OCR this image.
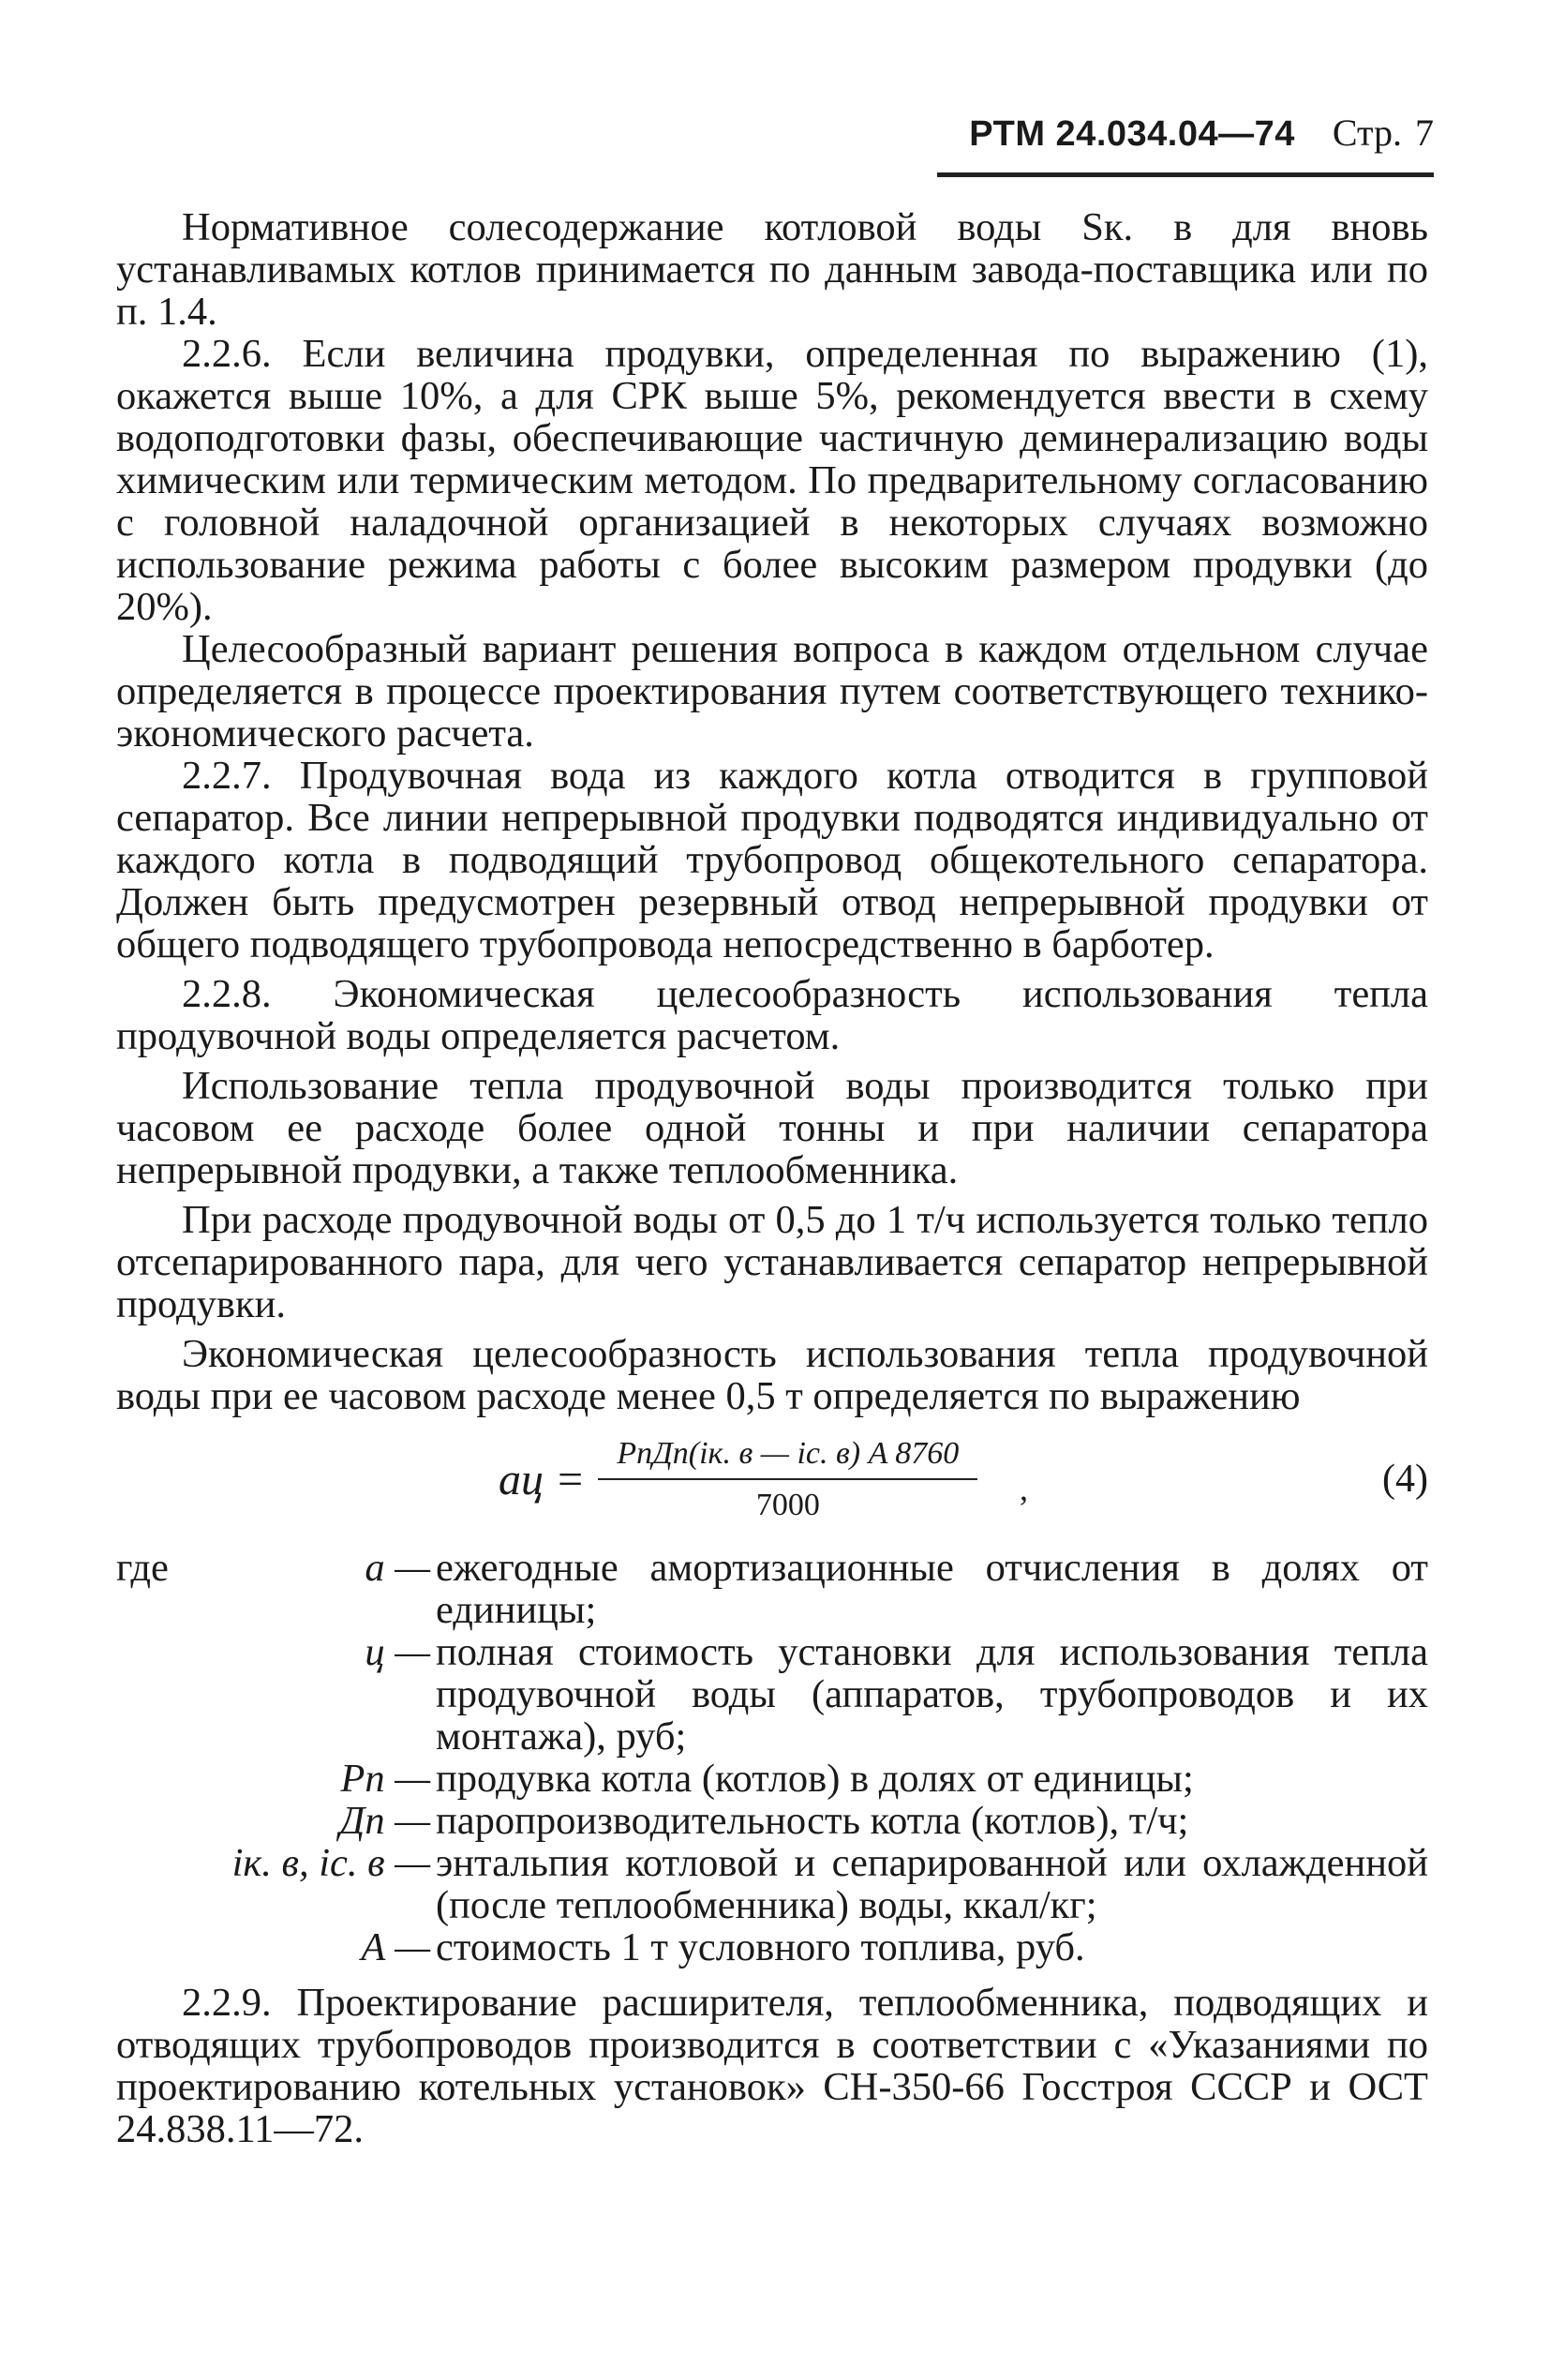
РТМ 24.034.04—74 Стр. 7

Нормативное солесодержание котловой воды Sк. в для вновь устанавливамых котлов принимается по данным завода-поставщика или по п. 1.4.

2.2.6. Если величина продувки, определенная по выражению (1), окажется выше 10%, а для СРК выше 5%, рекомендуется ввести в схему водоподготовки фазы, обеспечивающие частичную деминерализацию воды химическим или термическим методом. По предварительному согласованию с головной наладочной организацией в некоторых случаях возможно использование режима работы с более высоким размером продувки (до 20%).

Целесообразный вариант решения вопроса в каждом отдельном случае определяется в процессе проектирования путем соответствующего технико-экономического расчета.

2.2.7. Продувочная вода из каждого котла отводится в групповой сепаратор. Все линии непрерывной продувки подводятся индивидуально от каждого котла в подводящий трубопровод общекотельного сепаратора. Должен быть предусмотрен резервный отвод непрерывной продувки от общего подводящего трубопровода непосредственно в барботер.

2.2.8. Экономическая целесообразность использования тепла продувочной воды определяется расчетом.

Использование тепла продувочной воды производится только при часовом ее расходе более одной тонны и при наличии сепаратора непрерывной продувки, а также теплообменника.

При расходе продувочной воды от 0,5 до 1 т/ч используется только тепло отсепарированного пара, для чего устанавливается сепаратор непрерывной продувки.

Экономическая целесообразность использования тепла продувочной воды при ее часовом расходе менее 0,5 т определяется по выражению

ац = $\frac{\text{PпДп(iк. в — iс. в) A 8760}}{7000}$ ,	(4)
где	а — ежегодные амортизационные отчисления в долях от единицы;
ц — полная стоимость установки для использования тепла продувочной воды (аппаратов, трубопроводов и их монтажа), руб;
Pп — продувка котла (котлов) в долях от единицы;
Дп — паропроизводительность котла (котлов), т/ч;
iк. в, iс. в — энтальпия котловой и сепарированной или охлажденной (после теплообменника) воды, ккал/кг;
A — стоимость 1 т условного топлива, руб.

2.2.9. Проектирование расширителя, теплообменника, подводящих и отводящих трубопроводов производится в соответствии с «Указаниями по проектированию котельных установок» СН-350-66 Госстроя СССР и ОСТ 24.838.11—72.
